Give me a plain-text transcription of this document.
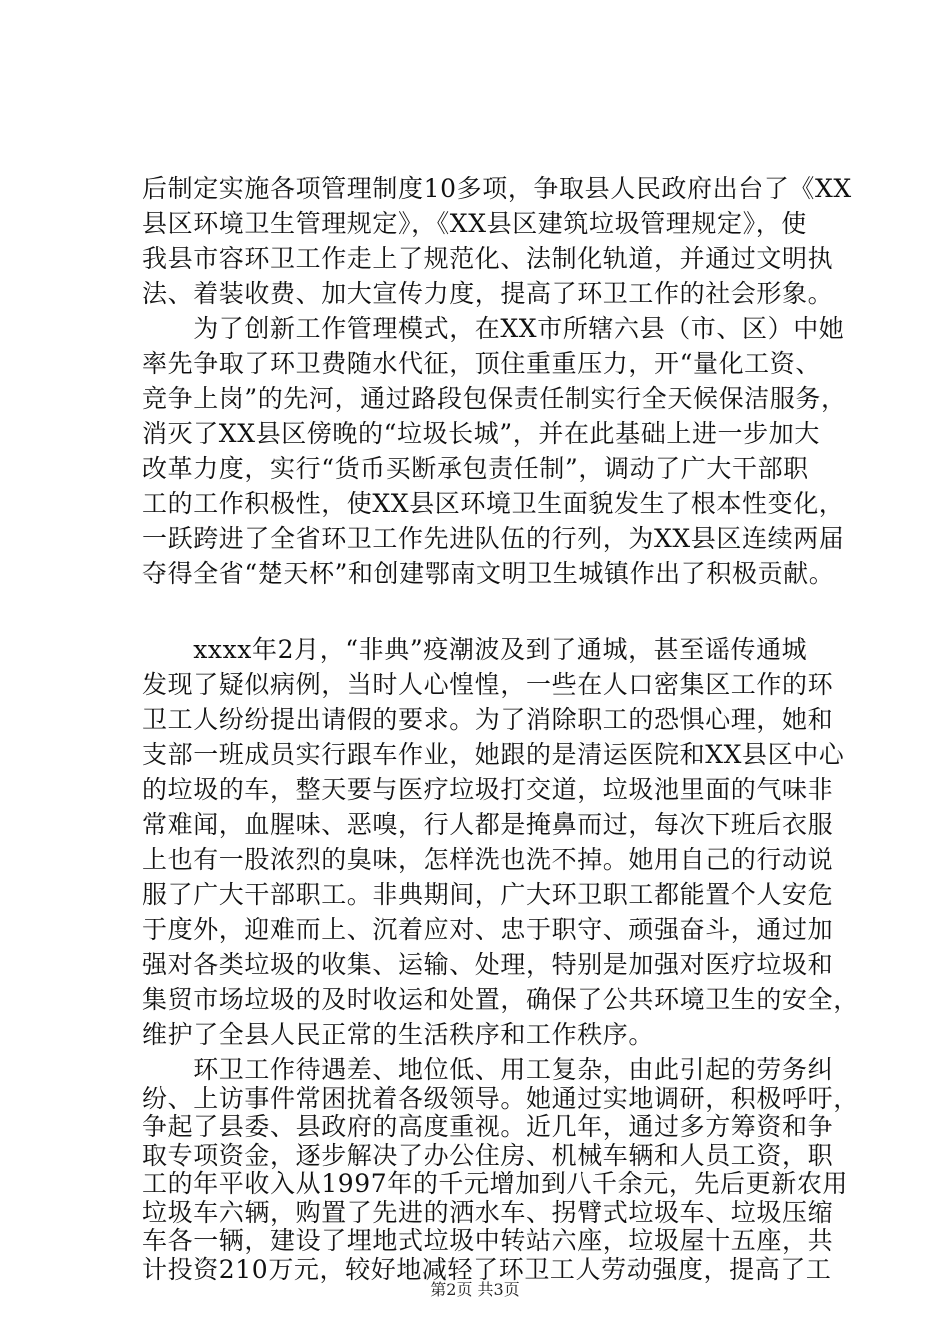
后制定实施各项管理制度10多项，争取县人民政府出台了《XX
县区环境卫生管理规定》，《XX县区建筑垃圾管理规定》，使
我县市容环卫工作走上了规范化、法制化轨道，并通过文明执
法、着装收费、加大宣传力度，提高了环卫工作的社会形象。
　　为了创新工作管理模式，在XX市所辖六县（市、区）中她
率先争取了环卫费随水代征，顶住重重压力，开“量化工资、
竞争上岗”的先河，通过路段包保责任制实行全天候保洁服务，
消灭了XX县区傍晚的“垃圾长城”，并在此基础上进一步加大
改革力度，实行“货币买断承包责任制”，调动了广大干部职
工的工作积极性，使XX县区环境卫生面貌发生了根本性变化，
一跃跨进了全省环卫工作先进队伍的行列，为XX县区连续两届
夺得全省“楚天杯”和创建鄂南文明卫生城镇作出了积极贡献。
　　xxxx年2月，“非典”疫潮波及到了通城，甚至谣传通城
发现了疑似病例，当时人心惶惶，一些在人口密集区工作的环
卫工人纷纷提出请假的要求。为了消除职工的恐惧心理，她和
支部一班成员实行跟车作业，她跟的是清运医院和XX县区中心
的垃圾的车，整天要与医疗垃圾打交道，垃圾池里面的气味非
常难闻，血腥味、恶嗅，行人都是掩鼻而过，每次下班后衣服
上也有一股浓烈的臭味，怎样洗也洗不掉。她用自己的行动说
服了广大干部职工。非典期间，广大环卫职工都能置个人安危
于度外，迎难而上、沉着应对、忠于职守、顽强奋斗，通过加
强对各类垃圾的收集、运输、处理，特别是加强对医疗垃圾和
集贸市场垃圾的及时收运和处置，确保了公共环境卫生的安全，
维护了全县人民正常的生活秩序和工作秩序。
　　环卫工作待遇差、地位低、用工复杂，由此引起的劳务纠
纷、上访事件常困扰着各级领导。她通过实地调研，积极呼吁，
争起了县委、县政府的高度重视。近几年，通过多方筹资和争
取专项资金，逐步解决了办公住房、机械车辆和人员工资，职
工的年平收入从1997年的千元增加到八千余元，先后更新农用
垃圾车六辆，购置了先进的洒水车、拐臂式垃圾车、垃圾压缩
第2页 共3页
车各一辆，建设了埋地式垃圾中转站六座，垃圾屋十五座，共
计投资210万元，较好地减轻了环卫工人劳动强度，提高了工
